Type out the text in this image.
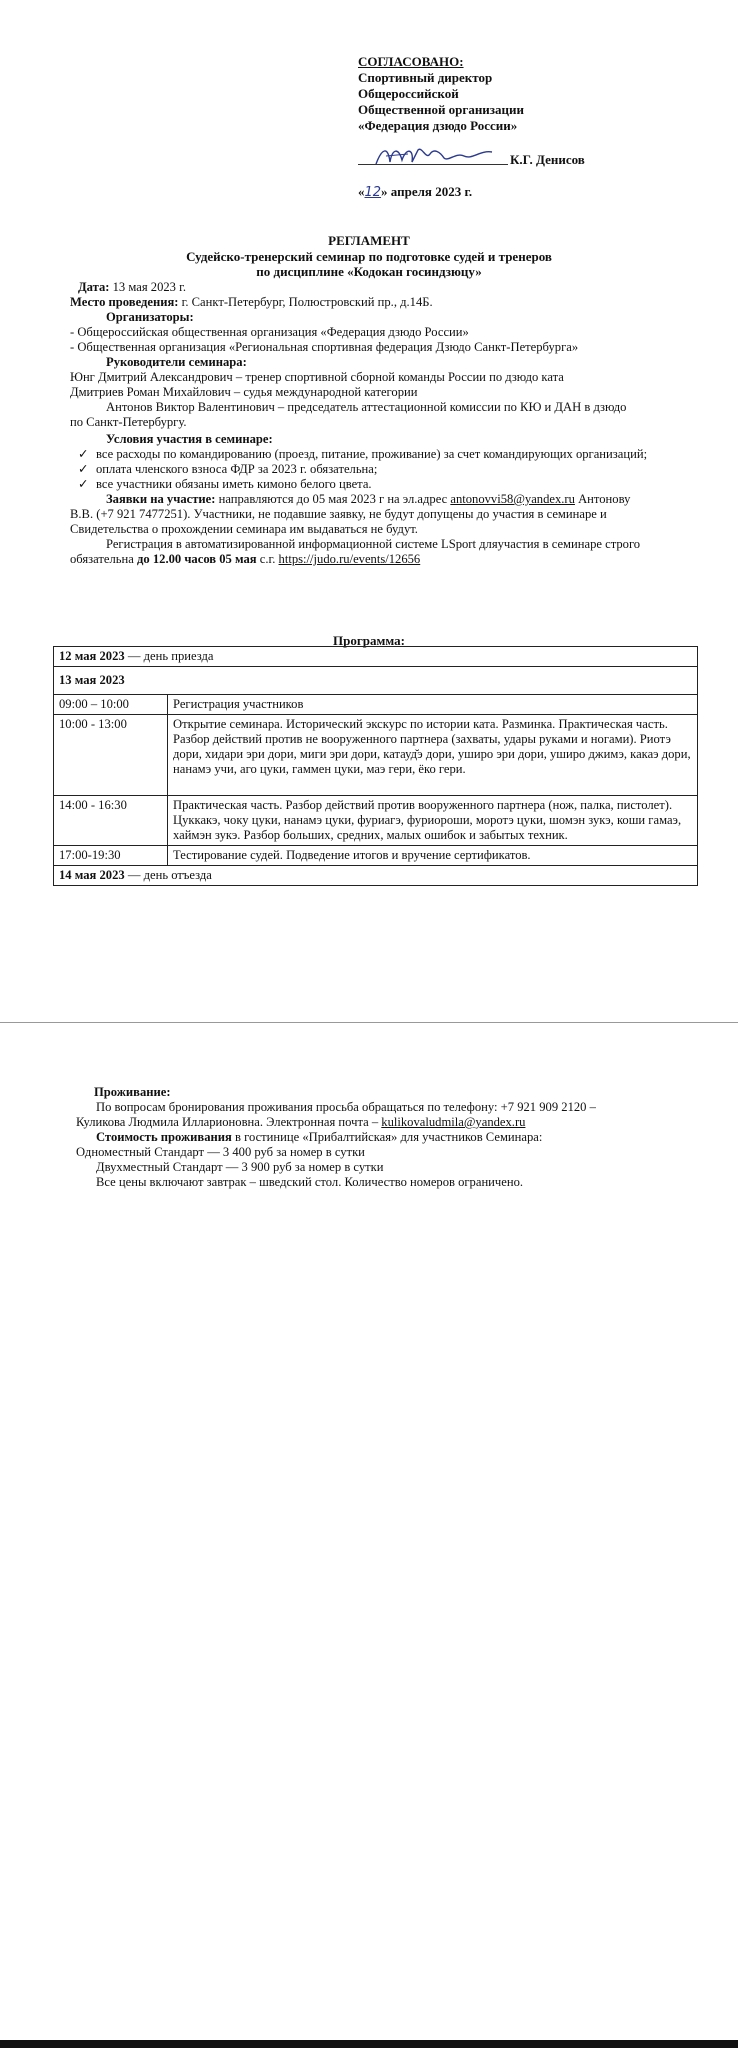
СОГЛАСОВАНО:
Спортивный директор
Общероссийской
Общественной организации
«Федерация дзюдо России»
К.Г. Денисов
«12» апреля 2023 г.
РЕГЛАМЕНТ
Судейско-тренерский семинар по подготовке судей и тренеров
по дисциплине «Кодокан госиндзюцу»
Дата: 13 мая 2023 г.
Место проведения: г. Санкт-Петербург, Полюстровский пр., д.14Б.
Организаторы:
- Общероссийская общественная организация «Федерация дзюдо России»
- Общественная организация «Региональная спортивная федерация Дзюдо Санкт-Петербурга»
Руководители семинара:
Юнг Дмитрий Александрович – тренер спортивной сборной команды России по дзюдо ката
Дмитриев Роман Михайлович – судья международной категории
Антонов Виктор Валентинович – председатель аттестационной комиссии по КЮ и ДАН в дзюдо
по Санкт-Петербургу.
Условия участия в семинаре:
✓ все расходы по командированию (проезд, питание, проживание) за счет командирующих организаций;
✓ оплата членского взноса ФДР за 2023 г. обязательна;
✓ все участники обязаны иметь кимоно белого цвета.
Заявки на участие: направляются до 05 мая 2023 г на эл.адрес antonovvi58@yandex.ru Антонову
В.В. (+7 921 7477251). Участники, не подавшие заявку, не будут допущены до участия в семинаре и
Свидетельства о прохождении семинара им выдаваться не будут.
Регистрация в автоматизированной информационной системе LSport дляучастия в семинаре строго
обязательна до 12.00 часов 05 мая с.г. https://judo.ru/events/12656
Программа:
12 мая 2023 — день приезда	
13 мая 2023	
09:00 – 10:00	Регистрация участников
10:00 - 13:00	Открытие семинара. Исторический экскурс по истории ката. Разминка. Практическая часть. Разбор действий против не вооруженного партнера (захваты, удары руками и ногами). Риотэ дори, хидари эри дори, миги эри дори, катауд̆э дори, уширо эри дори, уширо джимэ, какаэ дори, нанамэ учи, аго цуки, гаммен цуки, маэ гери, ёко гери.
14:00 - 16:30	Практическая часть. Разбор действий против вооруженного партнера (нож, палка, пистолет). Цуккакэ, чоку цуки, нанамэ цуки, фуриагэ, фуриороши, моротэ цуки, шомэн зукэ, коши гамаэ, хаймэн зукэ. Разбор больших, средних, малых ошибок и забытых техник.
17:00-19:30	Тестирование судей. Подведение итогов и вручение сертификатов.
14 мая 2023 — день отъезда	
Проживание:
По вопросам бронирования проживания просьба обращаться по телефону: +7 921 909 2120 –
Куликова Людмила Илларионовна. Электронная почта – kulikovaludmila@yandex.ru
Стоимость проживания в гостинице «Прибалтийская» для участников Семинара:
Одноместный Стандарт — 3 400 руб за номер в сутки
Двухместный Стандарт — 3 900 руб за номер в сутки
Все цены включают завтрак – шведский стол. Количество номеров ограничено.
